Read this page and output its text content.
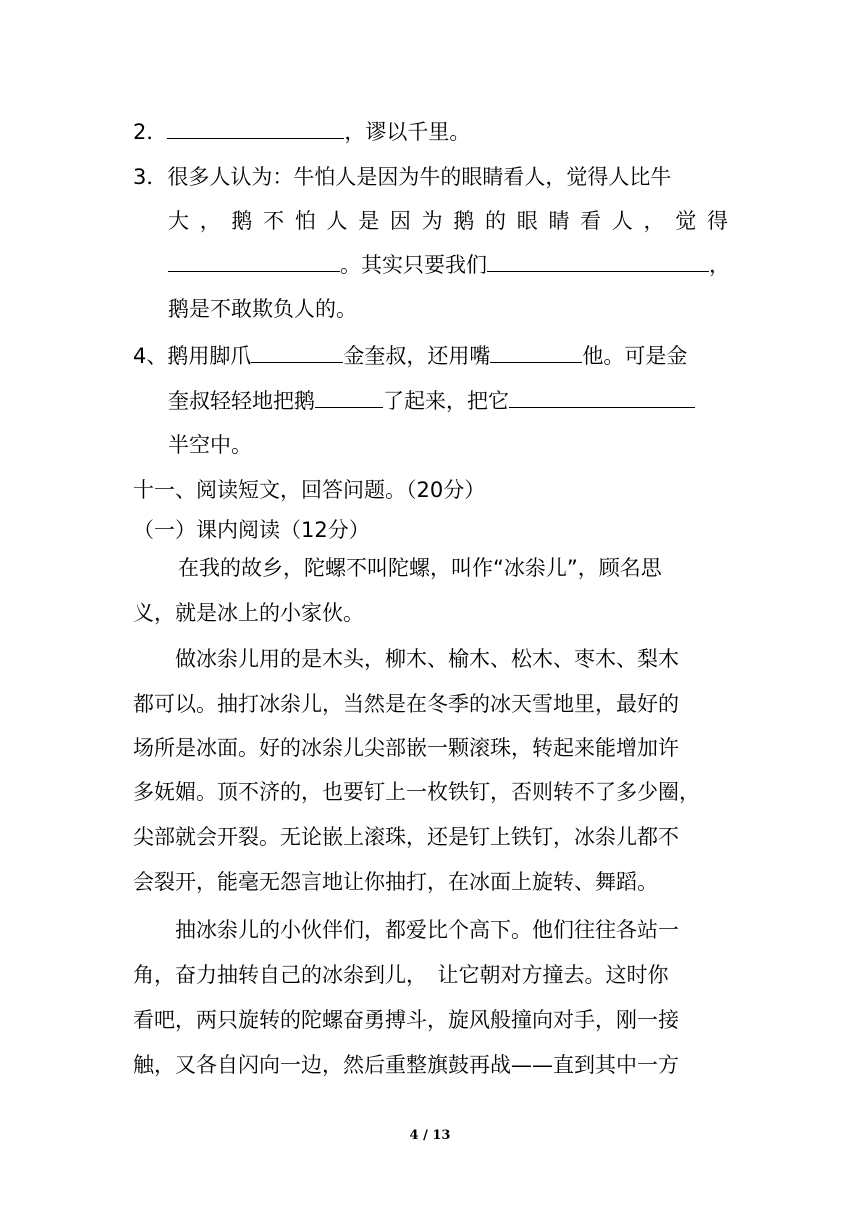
2．	，谬以千里。
3．很多人认为：牛怕人是因为牛的眼睛看人，觉得人比牛
大 ， 鹅 不 怕 人 是 因 为 鹅 的 眼 睛 看 人 ， 觉 得
。其实只要我们	，
鹅是不敢欺负人的。
4、鹅用脚爪	金奎叔，还用嘴	他。可是金
奎叔轻轻地把鹅	了起来，把它
半空中。
十一、阅读短文，回答问题。（20分）
（一）课内阅读（12分）
在我的故乡，陀螺不叫陀螺，叫作“冰尜儿”，顾名思
义，就是冰上的小家伙。
做冰尜儿用的是木头，柳木、榆木、松木、枣木、梨木
都可以。抽打冰尜儿，当然是在冬季的冰天雪地里，最好的
场所是冰面。好的冰尜儿尖部嵌一颗滚珠，转起来能增加许
多妩媚。顶不济的，也要钉上一枚铁钉，否则转不了多少圈，
尖部就会开裂。无论嵌上滚珠，还是钉上铁钉，冰尜儿都不
会裂开，能毫无怨言地让你抽打，在冰面上旋转、舞蹈。
抽冰尜儿的小伙伴们，都爱比个高下。他们往往各站一
角，奋力抽转自己的冰尜到儿，　让它朝对方撞去。这时你
看吧，两只旋转的陀螺奋勇搏斗，旋风般撞向对手，刚一接
触，又各自闪向一边，然后重整旗鼓再战——直到其中一方
4 / 13
